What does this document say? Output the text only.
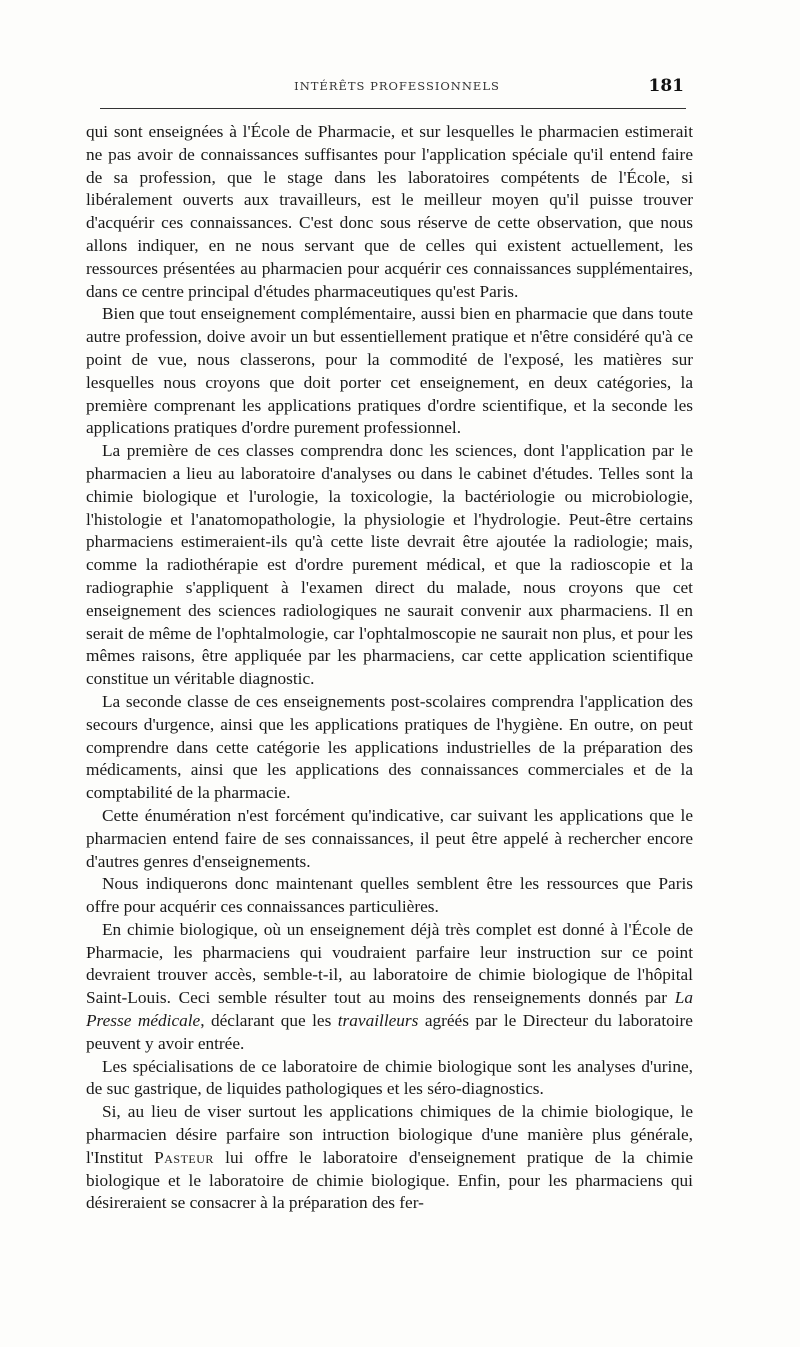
INTÉRÊTS PROFESSIONNELS	181

qui sont enseignées à l'École de Pharmacie, et sur lesquelles le pharmacien estimerait ne pas avoir de connaissances suffisantes pour l'application spéciale qu'il entend faire de sa profession, que le stage dans les laboratoires compétents de l'École, si libéralement ouverts aux travailleurs, est le meilleur moyen qu'il puisse trouver d'acquérir ces connaissances. C'est donc sous réserve de cette observation, que nous allons indiquer, en ne nous servant que de celles qui existent actuellement, les ressources présentées au pharmacien pour acquérir ces connaissances supplémentaires, dans ce centre principal d'études pharmaceutiques qu'est Paris.

Bien que tout enseignement complémentaire, aussi bien en pharmacie que dans toute autre profession, doive avoir un but essentiellement pratique et n'être considéré qu'à ce point de vue, nous classerons, pour la commodité de l'exposé, les matières sur lesquelles nous croyons que doit porter cet enseignement, en deux catégories, la première comprenant les applications pratiques d'ordre scientifique, et la seconde les applications pratiques d'ordre purement professionnel.

La première de ces classes comprendra donc les sciences, dont l'application par le pharmacien a lieu au laboratoire d'analyses ou dans le cabinet d'études. Telles sont la chimie biologique et l'urologie, la toxicologie, la bactériologie ou microbiologie, l'histologie et l'anatomopathologie, la physiologie et l'hydrologie. Peut-être certains pharmaciens estimeraient-ils qu'à cette liste devrait être ajoutée la radiologie; mais, comme la radiothérapie est d'ordre purement médical, et que la radioscopie et la radiographie s'appliquent à l'examen direct du malade, nous croyons que cet enseignement des sciences radiologiques ne saurait convenir aux pharmaciens. Il en serait de même de l'ophtalmologie, car l'ophtalmoscopie ne saurait non plus, et pour les mêmes raisons, être appliquée par les pharmaciens, car cette application scientifique constitue un véritable diagnostic.

La seconde classe de ces enseignements post-scolaires comprendra l'application des secours d'urgence, ainsi que les applications pratiques de l'hygiène. En outre, on peut comprendre dans cette catégorie les applications industrielles de la préparation des médicaments, ainsi que les applications des connaissances commerciales et de la comptabilité de la pharmacie.

Cette énumération n'est forcément qu'indicative, car suivant les applications que le pharmacien entend faire de ses connaissances, il peut être appelé à rechercher encore d'autres genres d'enseignements.

Nous indiquerons donc maintenant quelles semblent être les ressources que Paris offre pour acquérir ces connaissances particulières.

En chimie biologique, où un enseignement déjà très complet est donné à l'École de Pharmacie, les pharmaciens qui voudraient parfaire leur instruction sur ce point devraient trouver accès, semble-t-il, au laboratoire de chimie biologique de l'hôpital Saint-Louis. Ceci semble résulter tout au moins des renseignements donnés par La Presse médicale, déclarant que les travailleurs agréés par le Directeur du laboratoire peuvent y avoir entrée.

Les spécialisations de ce laboratoire de chimie biologique sont les analyses d'urine, de suc gastrique, de liquides pathologiques et les séro-diagnostics.

Si, au lieu de viser surtout les applications chimiques de la chimie biologique, le pharmacien désire parfaire son intruction biologique d'une manière plus générale, l'Institut Pasteur lui offre le laboratoire d'enseignement pratique de la chimie biologique et le laboratoire de chimie biologique. Enfin, pour les pharmaciens qui désireraient se consacrer à la préparation des fer-
